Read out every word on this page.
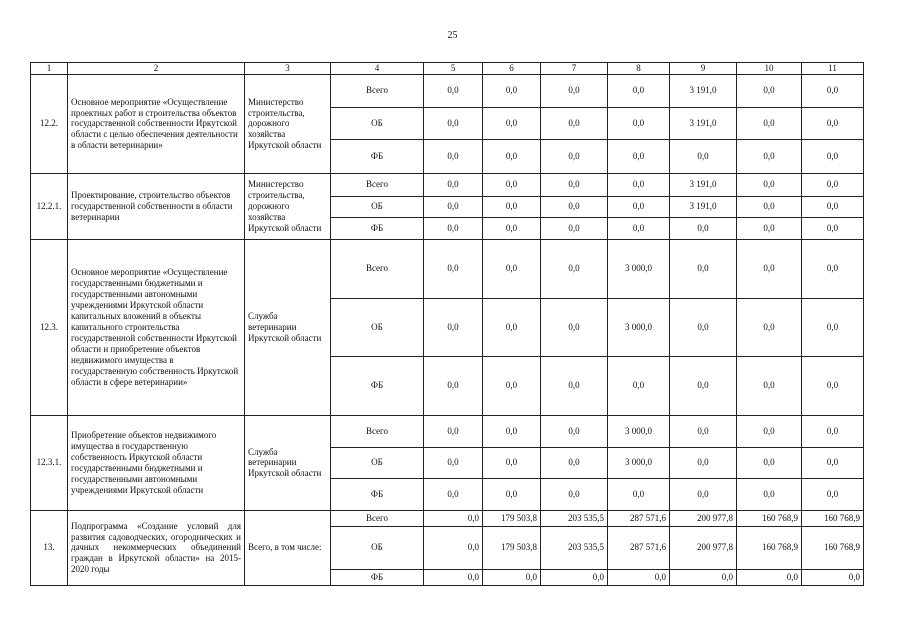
25
1	2	3	4	5	6	7	8	9	10	11
12.2.	Основное мероприятие «Осуществление проектных работ и строительства объектов государственной собственности Иркутской области с целью обеспечения деятельности в области ветеринарии»	Министерство строительства, дорожного хозяйства Иркутской области	Всего	0,0	0,0	0,0	0,0	3 191,0	0,0	0,0
			ОБ	0,0	0,0	0,0	0,0	3 191,0	0,0	0,0
			ФБ	0,0	0,0	0,0	0,0	0,0	0,0	0,0
12.2.1.	Проектирование, строительство объектов государственной собственности в области ветеринарии	Министерство строительства, дорожного хозяйства Иркутской области	Всего	0,0	0,0	0,0	0,0	3 191,0	0,0	0,0
			ОБ	0,0	0,0	0,0	0,0	3 191,0	0,0	0,0
			ФБ	0,0	0,0	0,0	0,0	0,0	0,0	0,0
12.3.	Основное мероприятие «Осуществление государственными бюджетными и государственными автономными учреждениями Иркутской области капитальных вложений в объекты капитального строительства государственной собственности Иркутской области и приобретение объектов недвижимого имущества в государственную собственность Иркутской области в сфере ветеринарии»	Служба ветеринарии Иркутской области	Всего	0,0	0,0	0,0	3 000,0	0,0	0,0	0,0
			ОБ	0,0	0,0	0,0	3 000,0	0,0	0,0	0,0
			ФБ	0,0	0,0	0,0	0,0	0,0	0,0	0,0
12.3.1.	Приобретение объектов недвижимого имущества в государственную собственность Иркутской области государственными бюджетными и государственными автономными учреждениями Иркутской области	Служба ветеринарии Иркутской области	Всего	0,0	0,0	0,0	3 000,0	0,0	0,0	0,0
			ОБ	0,0	0,0	0,0	3 000,0	0,0	0,0	0,0
			ФБ	0,0	0,0	0,0	0,0	0,0	0,0	0,0
13.	Подпрограмма «Создание условий для развития садоводческих, огороднических и дачных некоммерческих объединений граждан в Иркутской области» на 2015-2020 годы	Всего, в том числе:	Всего	0,0	179 503,8	203 535,5	287 571,6	200 977,8	160 768,9	160 768,9
			ОБ	0,0	179 503,8	203 535,5	287 571,6	200 977,8	160 768,9	160 768,9
			ФБ	0,0	0,0	0,0	0,0	0,0	0,0	0,0
